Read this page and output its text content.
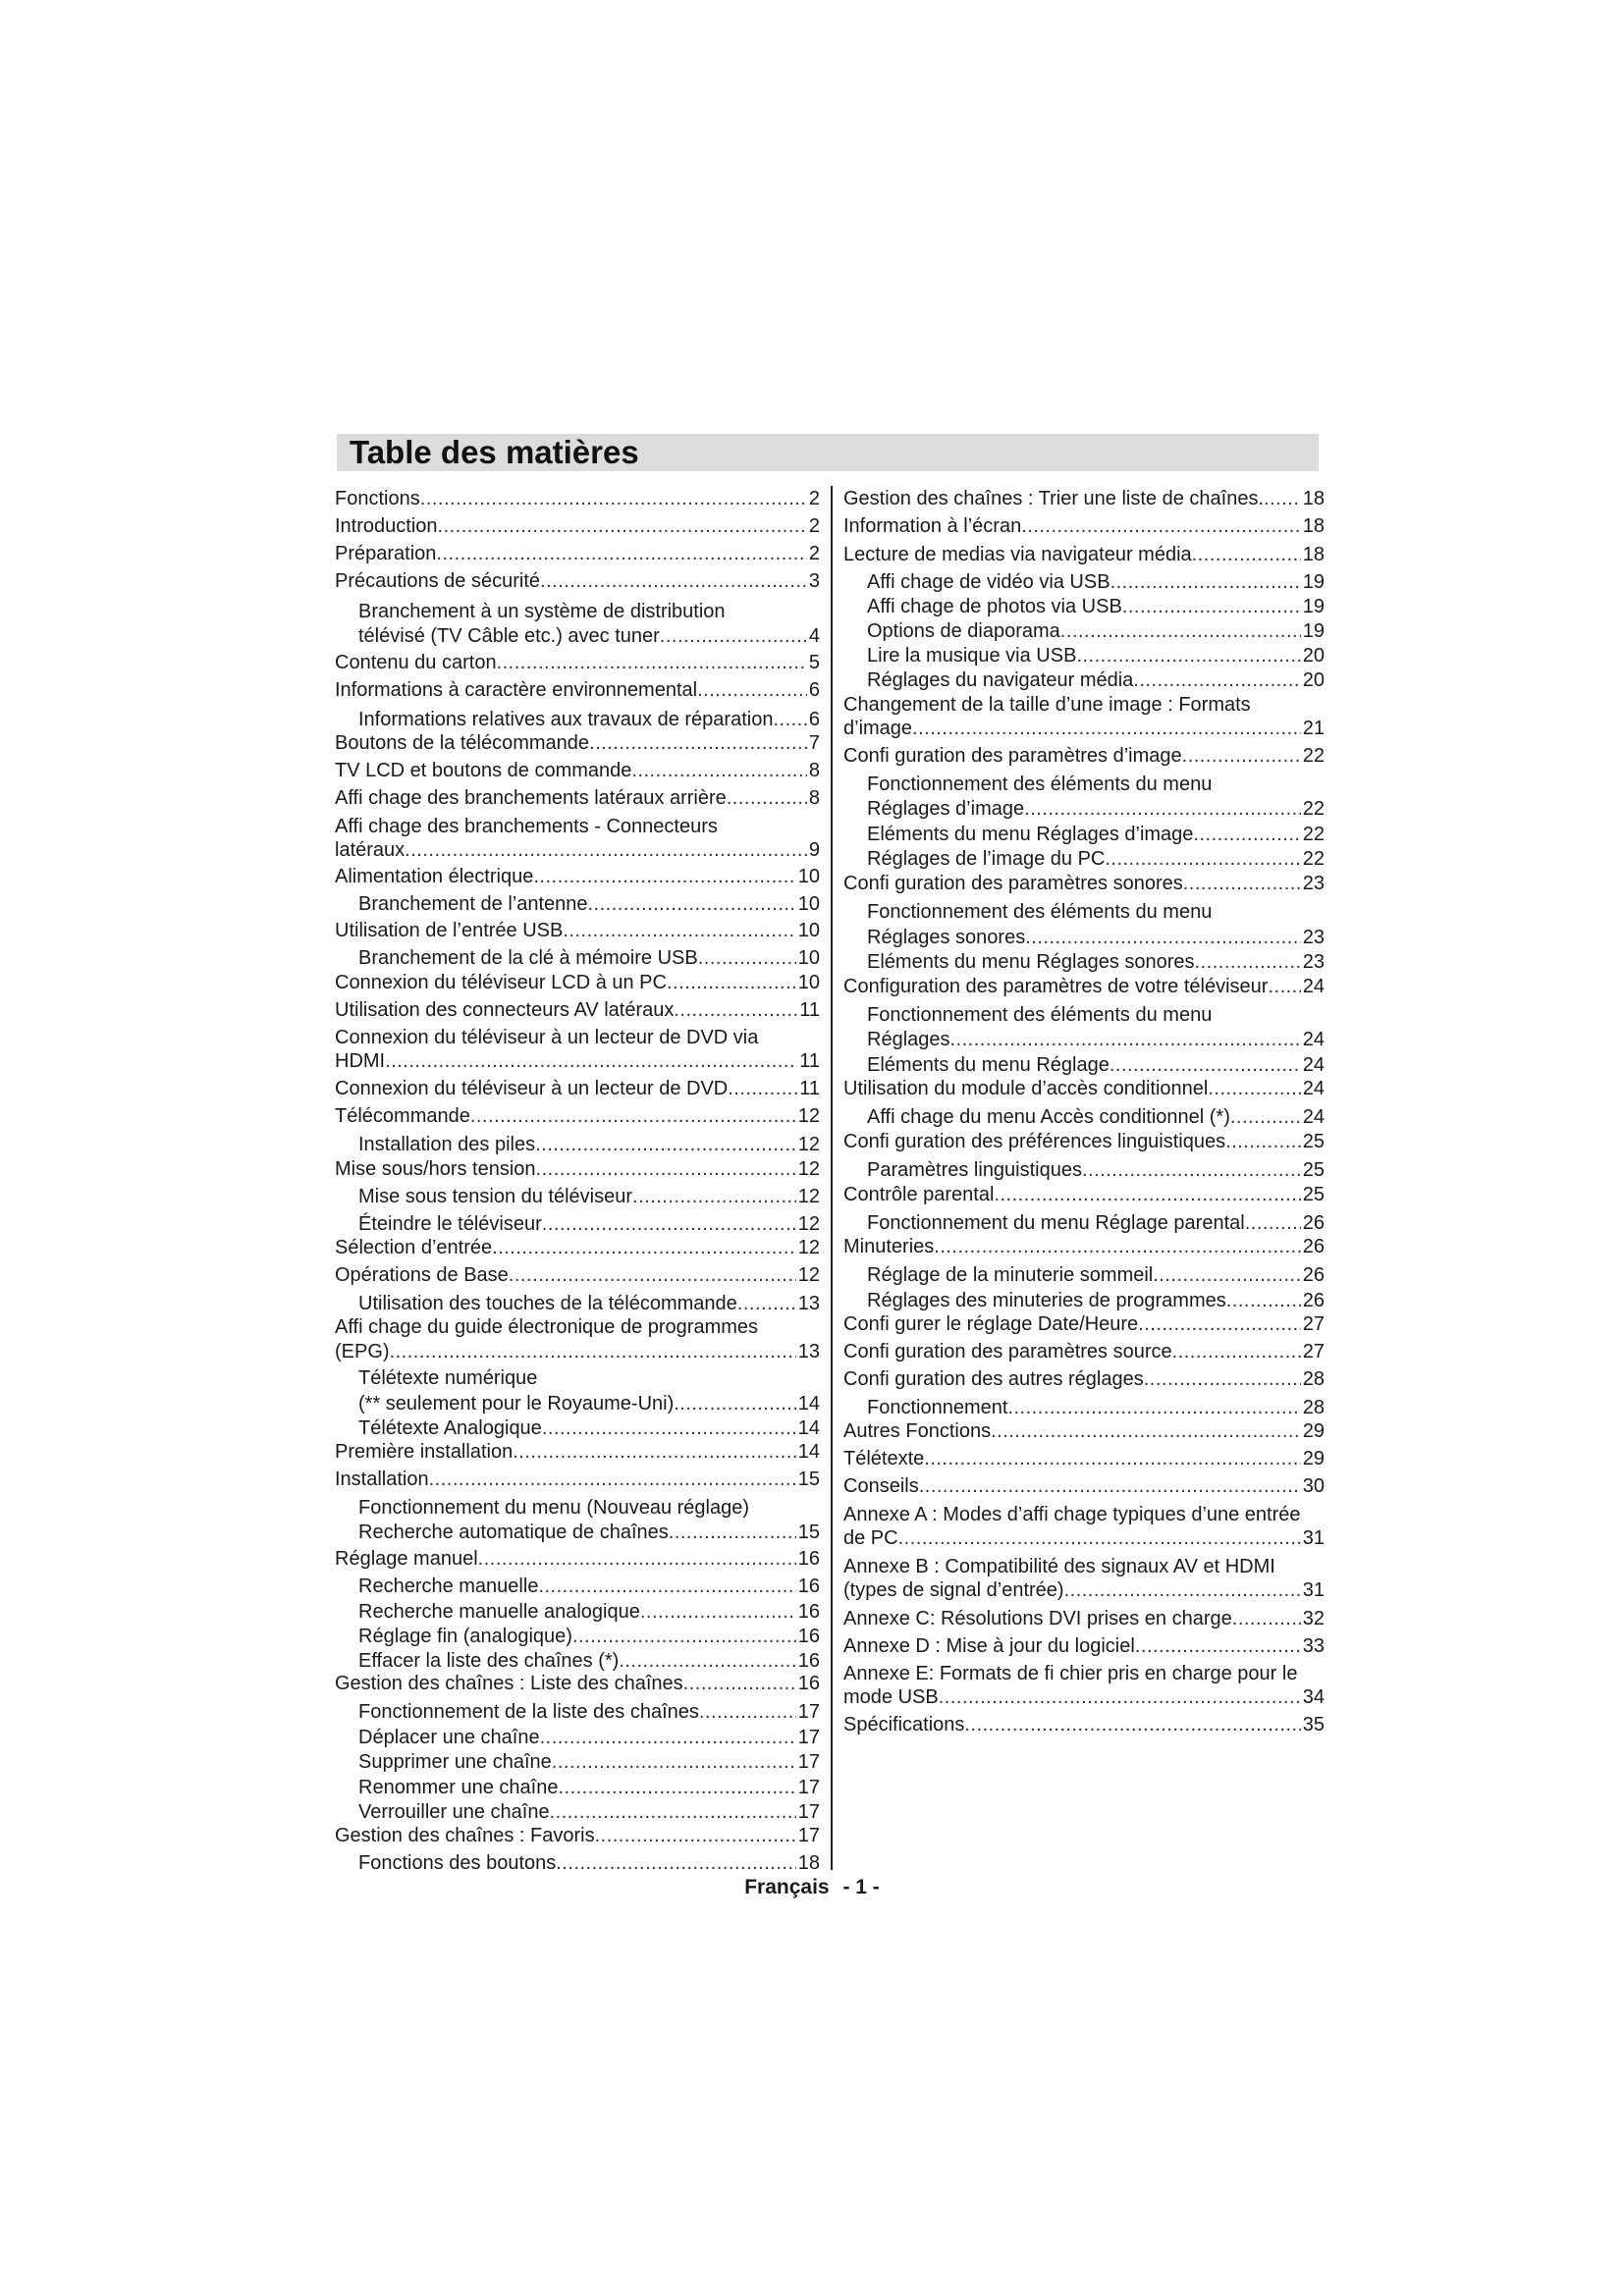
Table des matières
Fonctions .....	2
Introduction .....	2
Préparation .....	2
Précautions de sécurité .....	3
Branchement à un système de distribution
télévisé (TV Câble etc.) avec tuner .....	4
Contenu du carton .....	5
Informations à caractère environnemental .....	6
Informations relatives aux travaux de réparation ..... 6
Boutons de la télécommande .....	7
TV LCD et boutons de commande .....	8
Affi chage des branchements latéraux arrière .....	8
Affi chage des branchements - Connecteurs
latéraux .....	9
Alimentation électrique .....	10
Branchement de l’antenne .....	10
Utilisation de l’entrée USB .....	10
Branchement de la clé à mémoire USB .....	10
Connexion du téléviseur LCD à un PC .....	10
Utilisation des connecteurs AV latéraux .....	11
Connexion du téléviseur à un lecteur de DVD via
HDMI .....	11
Connexion du téléviseur à un lecteur de DVD .....	11
Télécommande .....	12
Installation des piles .....	12
Mise sous/hors tension .....	12
Mise sous tension du téléviseur .....	12
Éteindre le téléviseur .....	12
Sélection d’entrée .....	12
Opérations de Base .....	12
Utilisation des touches de la télécommande .....	13
Affi chage du guide électronique de programmes
(EPG) .....	13
Télétexte numérique
(** seulement pour le Royaume-Uni) .....	14
Télétexte Analogique .....	14
Première installation .....	14
Installation .....	15
Fonctionnement du menu (Nouveau réglage)
Recherche automatique de chaînes .....	15
Réglage manuel .....	16
Recherche manuelle .....	16
Recherche manuelle analogique .....	16
Réglage fin (analogique) .....	16
Effacer la liste des chaînes (*) .....	16
Gestion des chaînes : Liste des chaînes .....	16
Fonctionnement de la liste des chaînes .....	17
Déplacer une chaîne .....	17
Supprimer une chaîne .....	17
Renommer une chaîne .....	17
Verrouiller une chaîne .....	17
Gestion des chaînes : Favoris .....	17
Fonctions des boutons .....	18
Gestion des chaînes : Trier une liste de chaînes. ..... 18
Information à l’écran .....	18
Lecture de medias via navigateur média .....	18
Affi chage de vidéo via USB .....	19
Affi chage de photos via USB .....	19
Options de diaporama .....	19
Lire la musique via USB .....	20
Réglages du navigateur média .....	20
Changement de la taille d’une image : Formats
d’image .....	21
Confi guration des paramètres d’image .....	22
Fonctionnement des éléments du menu
Réglages d’image .....	22
Eléments du menu Réglages d’image .....	22
Réglages de l’image du PC .....	22
Confi guration des paramètres sonores .....	23
Fonctionnement des éléments du menu
Réglages sonores .....	23
Eléments du menu Réglages sonores .....	23
Configuration des paramètres de votre téléviseur ..... 24
Fonctionnement des éléments du menu
Réglages .....	24
Eléments du menu Réglage .....	24
Utilisation du module d’accès conditionnel .....	24
Affi chage du menu Accès conditionnel (*) .....	24
Confi guration des préférences linguistiques .....	25
Paramètres linguistiques .....	25
Contrôle parental .....	25
Fonctionnement du menu Réglage parental .....	26
Minuteries .....	26
Réglage de la minuterie sommeil .....	26
Réglages des minuteries de programmes .....	26
Confi gurer le réglage Date/Heure .....	27
Confi guration des paramètres source .....	27
Confi guration des autres réglages .....	28
Fonctionnement .....	28
Autres Fonctions .....	29
Télétexte .....	29
Conseils .....	30
Annexe A : Modes d’affi chage typiques d’une entrée
de PC .....	31
Annexe B : Compatibilité des signaux AV et HDMI
(types de signal d’entrée) .....	31
Annexe C: Résolutions DVI prises en charge .....	32
Annexe D : Mise à jour du logiciel .....	33
Annexe E: Formats de fi chier pris en charge pour le
mode USB .....	34
Spécifications .....	35
Français - 1 -
